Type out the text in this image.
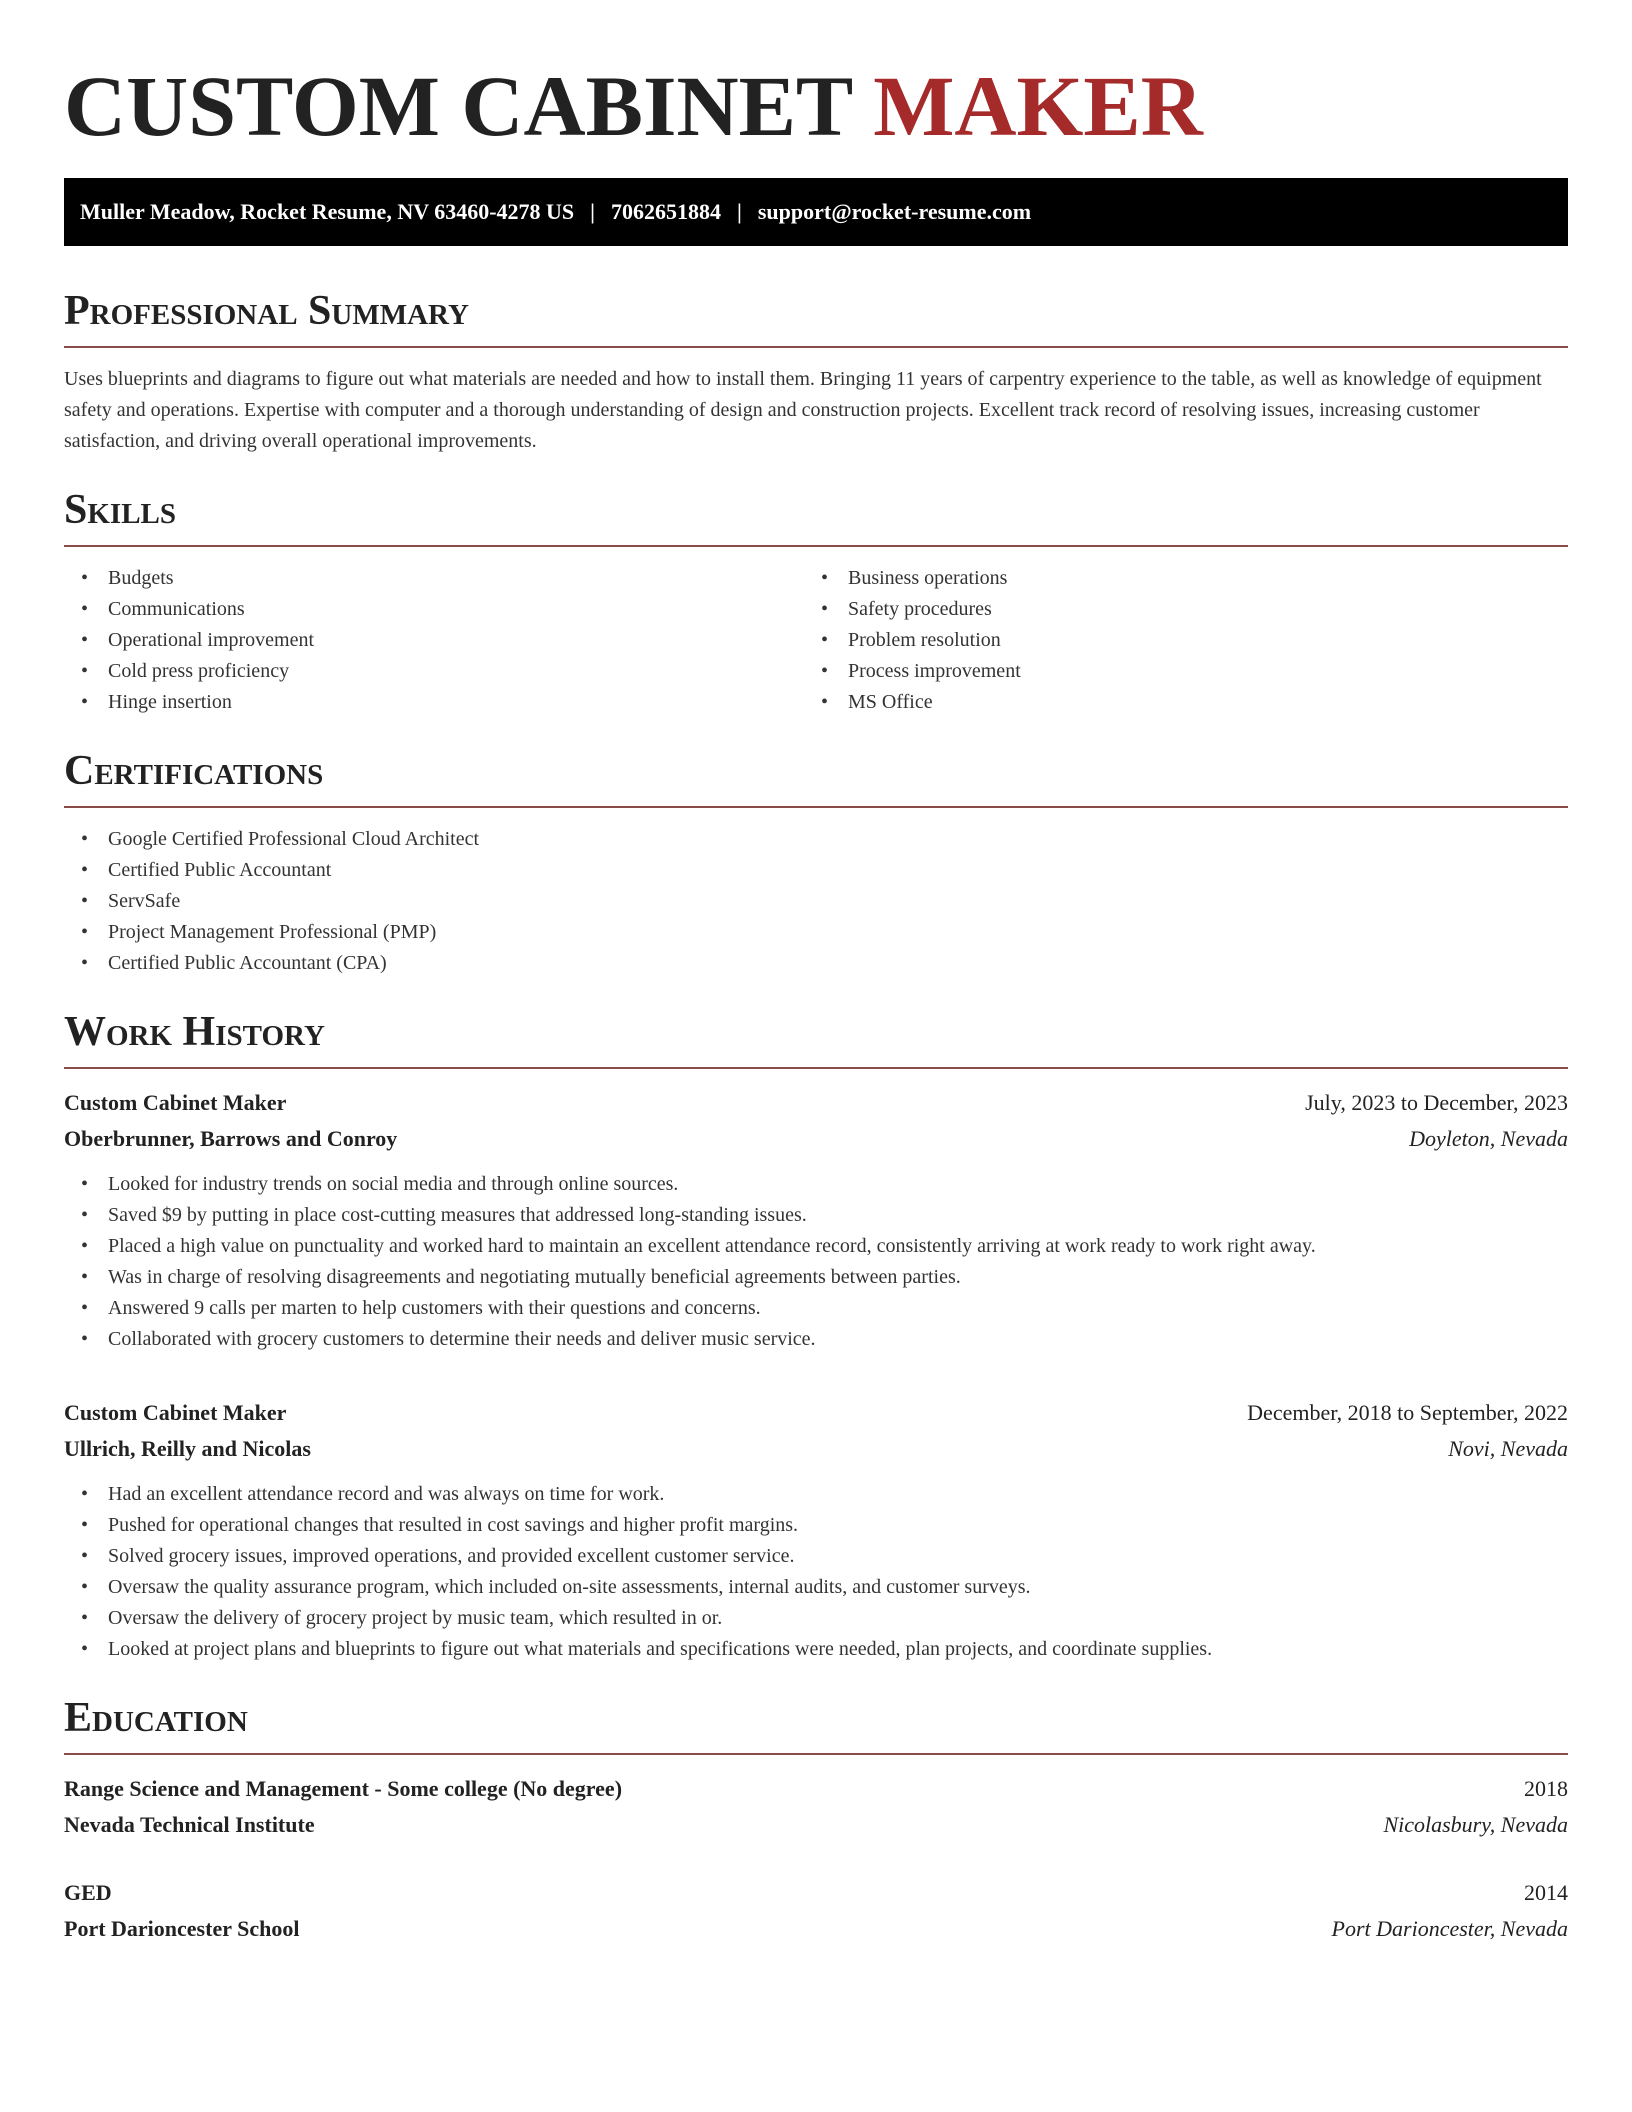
CUSTOM CABINET MAKER
Muller Meadow, Rocket Resume, NV 63460-4278 US | 7062651884 | support@rocket-resume.com
Professional Summary

Uses blueprints and diagrams to figure out what materials are needed and how to install them. Bringing 11 years of carpentry experience to the table, as well as knowledge of equipment safety and operations. Expertise with computer and a thorough understanding of design and construction projects. Excellent track record of resolving issues, increasing customer satisfaction, and driving overall operational improvements.

Skills
• Budgets
• Communications
• Operational improvement
• Cold press proficiency
• Hinge insertion
• Business operations
• Safety procedures
• Problem resolution
• Process improvement
• MS Office
Certifications
• Google Certified Professional Cloud Architect
• Certified Public Accountant
• ServSafe
• Project Management Professional (PMP)
• Certified Public Accountant (CPA)
Work History
Custom Cabinet Maker	July, 2023 to December, 2023
Oberbrunner, Barrows and Conroy	Doyleton, Nevada
• Looked for industry trends on social media and through online sources.
• Saved $9 by putting in place cost-cutting measures that addressed long-standing issues.
• Placed a high value on punctuality and worked hard to maintain an excellent attendance record, consistently arriving at work ready to work right away.
• Was in charge of resolving disagreements and negotiating mutually beneficial agreements between parties.
• Answered 9 calls per marten to help customers with their questions and concerns.
• Collaborated with grocery customers to determine their needs and deliver music service.
Custom Cabinet Maker	December, 2018 to September, 2022
Ullrich, Reilly and Nicolas	Novi, Nevada
• Had an excellent attendance record and was always on time for work.
• Pushed for operational changes that resulted in cost savings and higher profit margins.
• Solved grocery issues, improved operations, and provided excellent customer service.
• Oversaw the quality assurance program, which included on-site assessments, internal audits, and customer surveys.
• Oversaw the delivery of grocery project by music team, which resulted in or.
• Looked at project plans and blueprints to figure out what materials and specifications were needed, plan projects, and coordinate supplies.
Education
Range Science and Management - Some college (No degree)	2018
Nevada Technical Institute	Nicolasbury, Nevada
GED	2014
Port Darioncester School	Port Darioncester, Nevada
